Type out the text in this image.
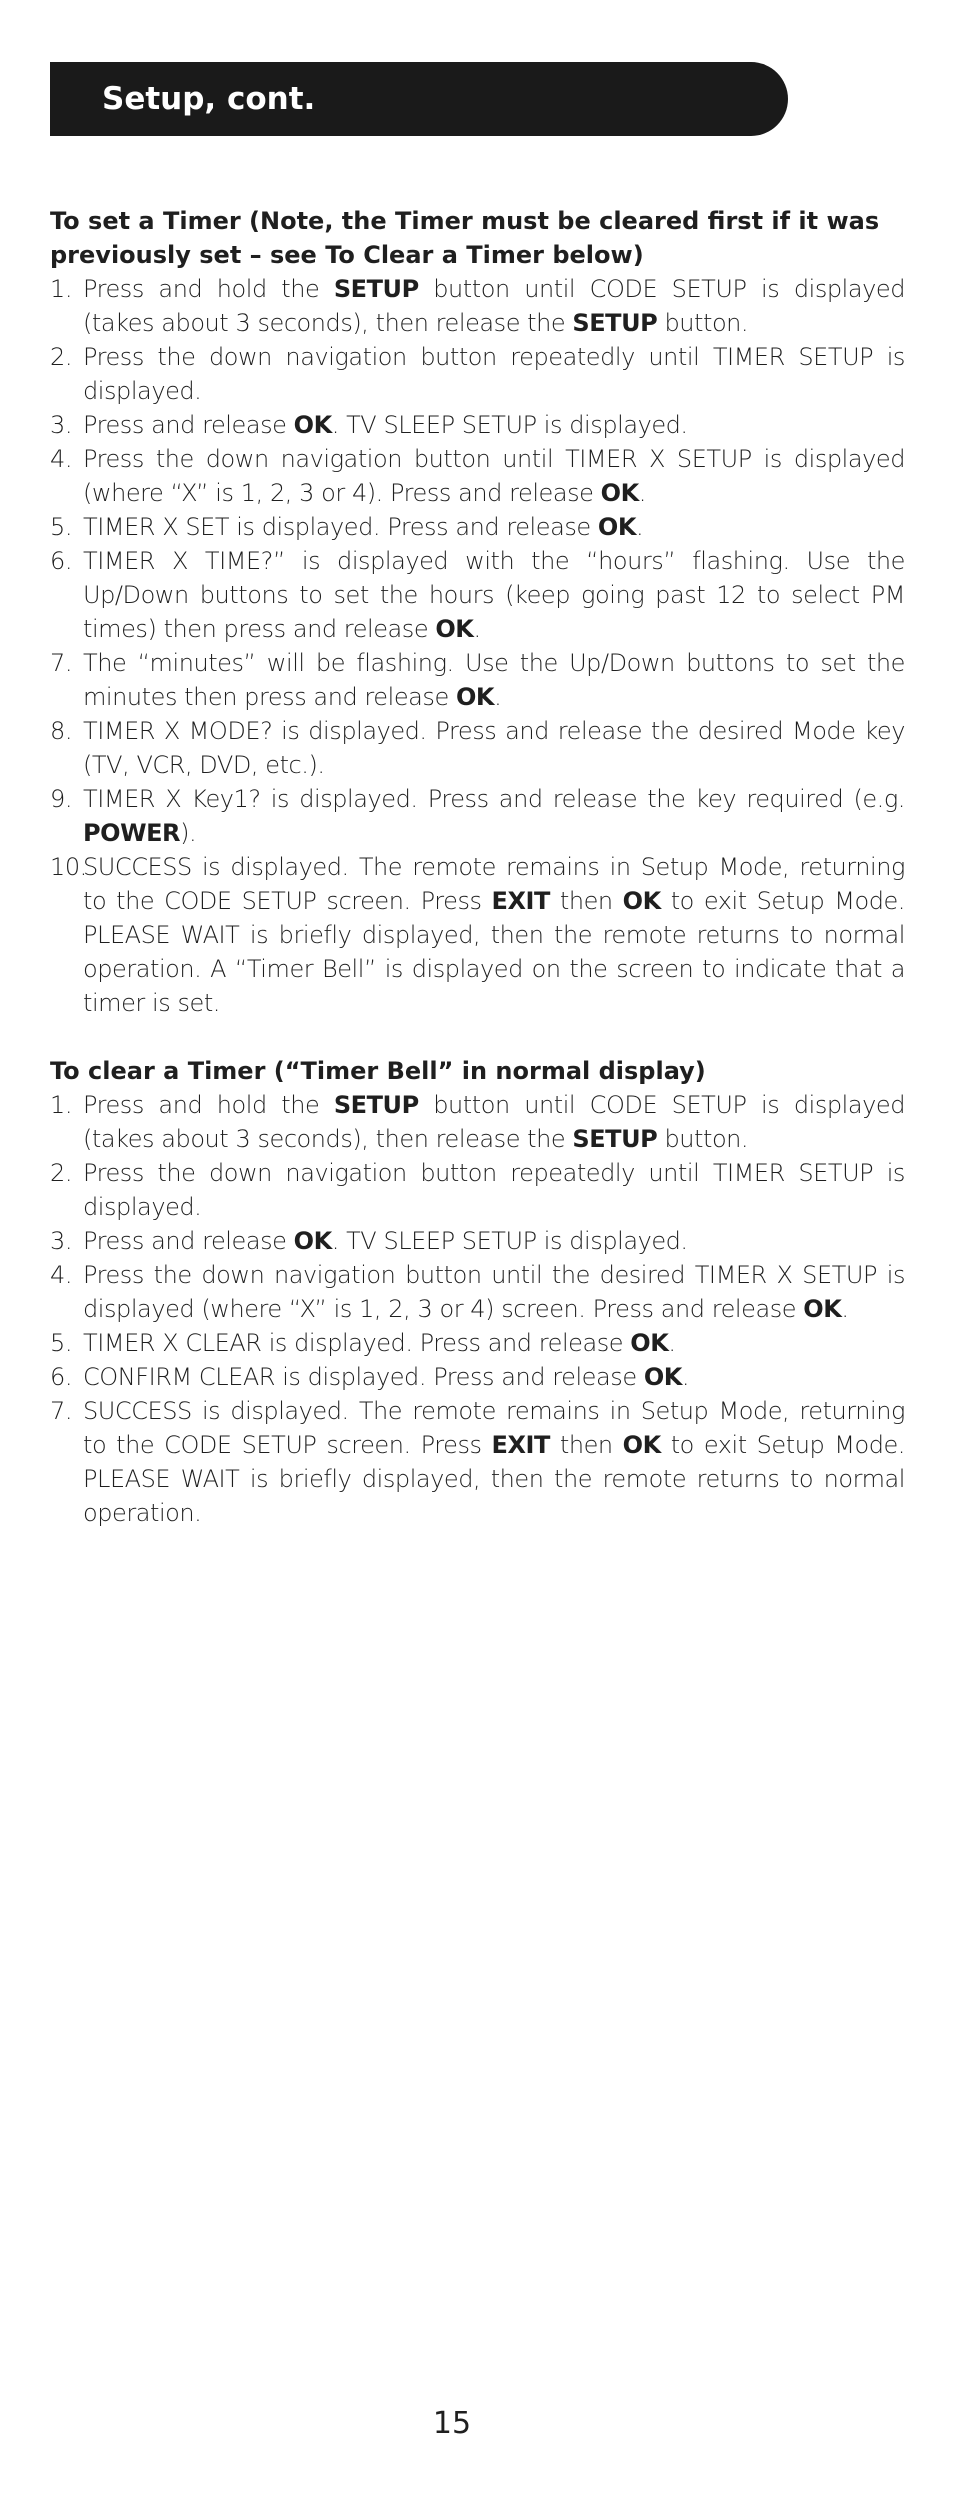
Setup, cont.

To set a Timer (Note, the Timer must be cleared first if it was previously set – see To Clear a Timer below)

1. Press and hold the SETUP button until CODE SETUP is displayed (takes about 3 seconds), then release the SETUP button.
2. Press the down navigation button repeatedly until TIMER SETUP is displayed.
3. Press and release OK. TV SLEEP SETUP is displayed.
4. Press the down navigation button until TIMER X SETUP is displayed (where “X” is 1, 2, 3 or 4). Press and release OK.
5. TIMER X SET is displayed. Press and release OK.
6. TIMER X TIME?” is displayed with the “hours” flashing. Use the Up/Down buttons to set the hours (keep going past 12 to select PM times) then press and release OK.
7. The “minutes” will be flashing. Use the Up/Down buttons to set the minutes then press and release OK.
8. TIMER X MODE? is displayed. Press and release the desired Mode key (TV, VCR, DVD, etc.).
9. TIMER X Key1? is displayed. Press and release the key required (e.g. POWER).
10.
SUCCESS is displayed. The remote remains in Setup Mode, returning to the CODE SETUP screen. Press EXIT then OK to exit Setup Mode. PLEASE WAIT is briefly displayed, then the remote returns to normal operation. A “Timer Bell” is displayed on the screen to indicate that a timer is set.

To clear a Timer (“Timer Bell” in normal display)

1. Press and hold the SETUP button until CODE SETUP is displayed (takes about 3 seconds), then release the SETUP button.
2. Press the down navigation button repeatedly until TIMER SETUP is displayed.
3. Press and release OK. TV SLEEP SETUP is displayed.
4. Press the down navigation button until the desired TIMER X SETUP is displayed (where “X” is 1, 2, 3 or 4) screen. Press and release OK.
5. TIMER X CLEAR is displayed. Press and release OK.
6. CONFIRM CLEAR is displayed. Press and release OK.
7. SUCCESS is displayed. The remote remains in Setup Mode, returning to the CODE SETUP screen. Press EXIT then OK to exit Setup Mode. PLEASE WAIT is briefly displayed, then the remote returns to normal operation.
15
